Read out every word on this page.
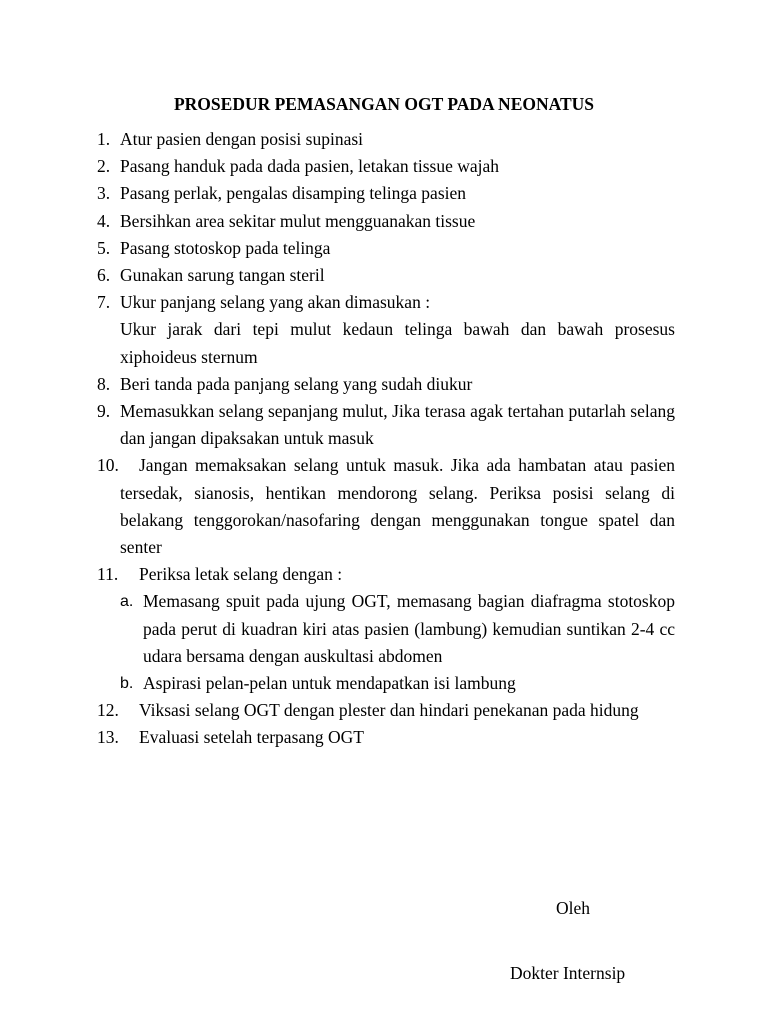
PROSEDUR PEMASANGAN OGT PADA NEONATUS
1. Atur pasien dengan posisi supinasi
2. Pasang handuk pada dada pasien, letakan tissue wajah
3. Pasang perlak, pengalas disamping telinga pasien
4. Bersihkan area sekitar mulut mengguanakan tissue
5. Pasang stotoskop pada telinga
6. Gunakan sarung tangan steril
7. Ukur panjang selang yang akan dimasukan :
Ukur jarak dari tepi mulut kedaun telinga bawah dan bawah prosesus xiphoideus sternum
8. Beri tanda pada panjang selang yang sudah diukur
9. Memasukkan selang sepanjang mulut, Jika terasa agak tertahan putarlah selang dan jangan dipaksakan untuk masuk
10.	Jangan memaksakan selang untuk masuk. Jika ada hambatan atau pasien tersedak, sianosis, hentikan mendorong selang. Periksa posisi selang di belakang tenggorokan/nasofaring dengan menggunakan tongue spatel dan senter
11.	Periksa letak selang dengan :
a. Memasang spuit pada ujung OGT, memasang bagian diafragma stotoskop pada perut di kuadran kiri atas pasien (lambung) kemudian suntikan 2-4 cc udara bersama dengan auskultasi abdomen
b. Aspirasi pelan-pelan untuk mendapatkan isi lambung
12.	Viksasi selang OGT dengan plester dan hindari penekanan pada hidung
13.	Evaluasi setelah terpasang OGT
Oleh
Dokter Internsip
